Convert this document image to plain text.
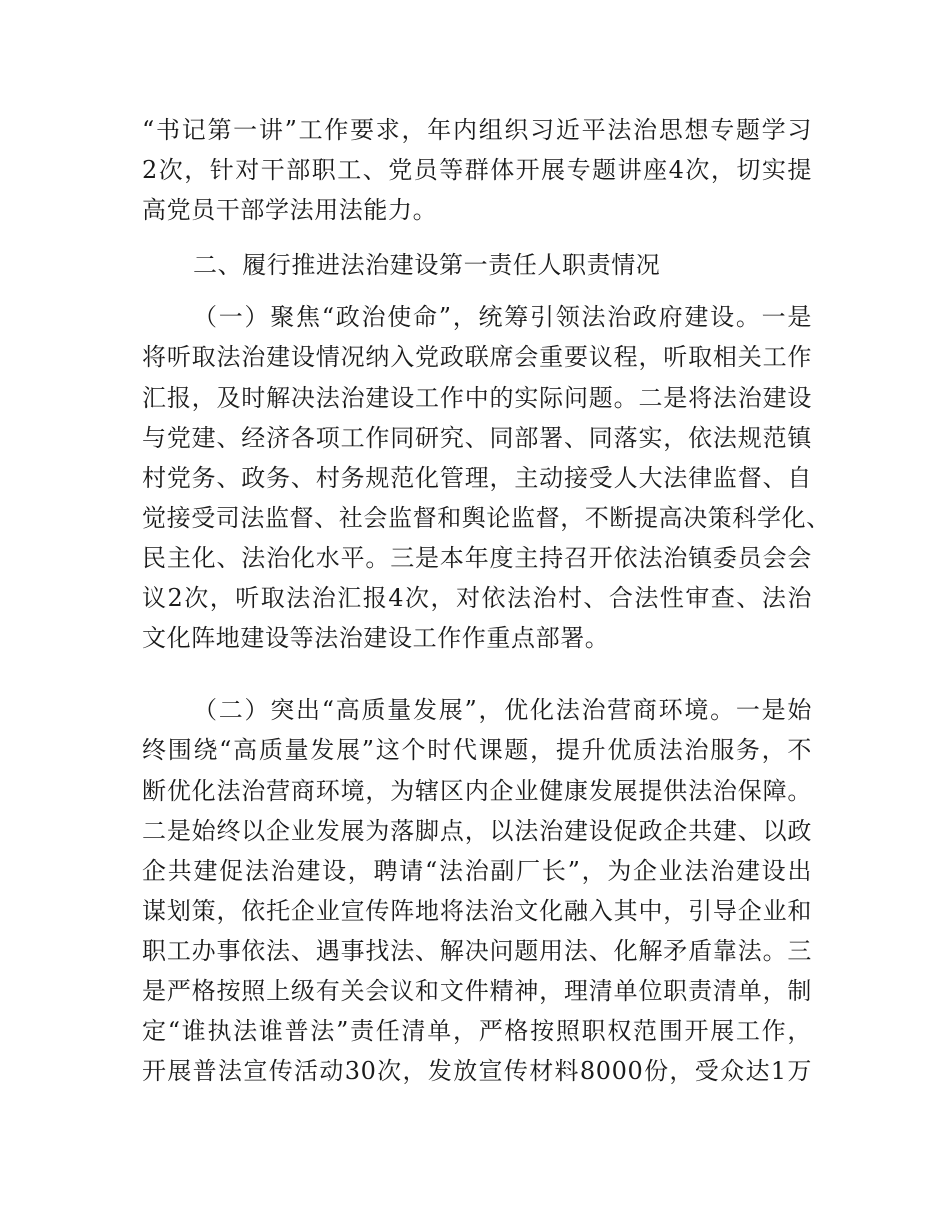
“书记第一讲”工作要求，年内组织习近平法治思想专题学习
2次，针对干部职工、党员等群体开展专题讲座4次，切实提
高党员干部学法用法能力。
二、履行推进法治建设第一责任人职责情况
（一）聚焦“政治使命”，统筹引领法治政府建设。一是
将听取法治建设情况纳入党政联席会重要议程，听取相关工作
汇报，及时解决法治建设工作中的实际问题。二是将法治建设
与党建、经济各项工作同研究、同部署、同落实，依法规范镇
村党务、政务、村务规范化管理，主动接受人大法律监督、自
觉接受司法监督、社会监督和舆论监督，不断提高决策科学化、
民主化、法治化水平。三是本年度主持召开依法治镇委员会会
议2次，听取法治汇报4次，对依法治村、合法性审查、法治
文化阵地建设等法治建设工作作重点部署。
（二）突出“高质量发展”，优化法治营商环境。一是始
终围绕“高质量发展”这个时代课题，提升优质法治服务，不
断优化法治营商环境，为辖区内企业健康发展提供法治保障。
二是始终以企业发展为落脚点，以法治建设促政企共建、以政
企共建促法治建设，聘请“法治副厂长”，为企业法治建设出
谋划策，依托企业宣传阵地将法治文化融入其中，引导企业和
职工办事依法、遇事找法、解决问题用法、化解矛盾靠法。三
是严格按照上级有关会议和文件精神，理清单位职责清单，制
定“谁执法谁普法”责任清单，严格按照职权范围开展工作，
开展普法宣传活动30次，发放宣传材料8000份，受众达1万
